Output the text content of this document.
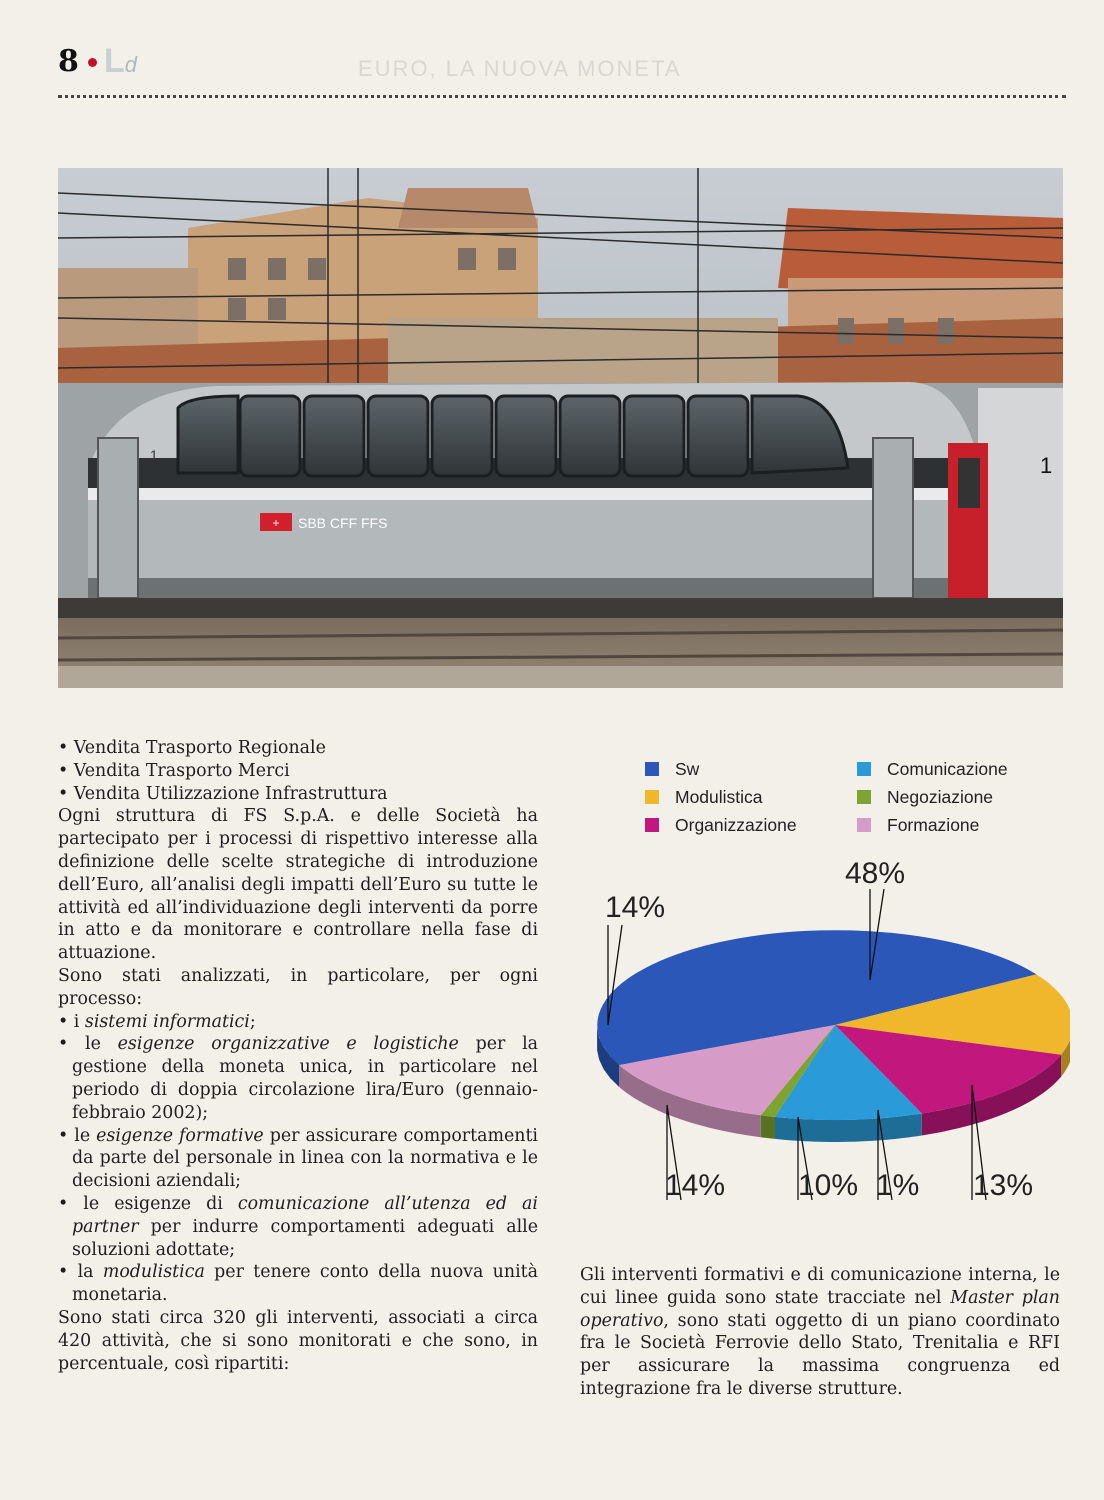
8 Ld	EURO, LA NUOVA MONETA
+ SBB CFF FFS
1	1

• Vendita Trasporto Regionale

• Vendita Trasporto Merci

• Vendita Utilizzazione Infrastruttura

Ogni struttura di FS S.p.A. e delle Società ha partecipato per i processi di rispettivo interesse alla definizione delle scelte strategiche di introduzione dell’Euro, all’analisi degli impatti dell’Euro su tutte le attività ed all’individuazione degli interventi da porre in atto e da monitorare e controllare nella fase di attuazione.

Sono stati analizzati, in particolare, per ogni processo:

• i sistemi informatici;

• le esigenze organizzative e logistiche per la gestione della moneta unica, in particolare nel periodo di doppia circolazione lira/Euro (gennaio-febbraio 2002);

• le esigenze formative per assicurare comportamenti da parte del personale in linea con la normativa e le decisioni aziendali;

• le esigenze di comunicazione all’utenza ed ai partner per indurre comportamenti adeguati alle soluzioni adottate;

• la modulistica per tenere conto della nuova unità monetaria.

Sono stati circa 320 gli interventi, associati a circa 420 attività, che si sono monitorati e che sono, in percentuale, così ripartiti:

Sw
Modulistica
Organizzazione
Comunicazione
Negoziazione
Formazione
48%
14%
14% 10% 1% 13%

Gli interventi formativi e di comunicazione interna, le cui linee guida sono state tracciate nel Master plan operativo, sono stati oggetto di un piano coordinato fra le Società Ferrovie dello Stato, Trenitalia e RFI per assicurare la massima congruenza ed integrazione fra le diverse strutture.
